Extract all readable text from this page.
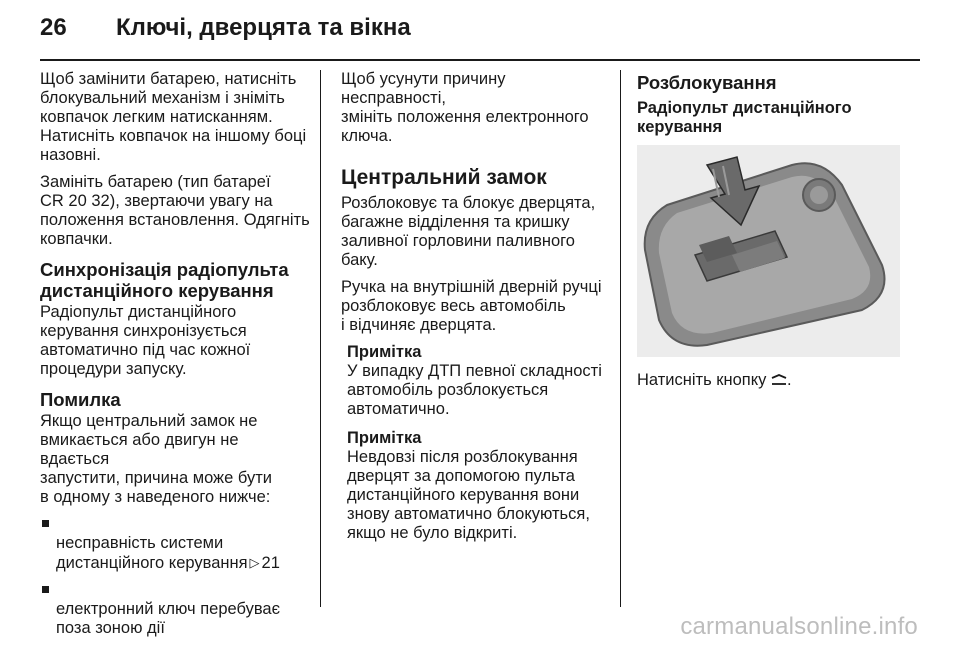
26 Ключі, дверцята та вікна

Щоб замінити батарею, натисніть
блокувальний механізм і зніміть
ковпачок легким натисканням.
Натисніть ковпачок на іншому боці
назовні.

Замініть батарею (тип батареї
CR 20 32), звертаючи увагу на
положення встановлення. Одягніть
ковпачки.

Синхронізація радіопульта
дистанційного керування

Радіопульт дистанційного
керування синхронізується
автоматично під час кожної
процедури запуску.

Помилка

Якщо центральний замок не
вмикається або двигун не вдається
запустити, причина може бути
в одному з наведеного нижче:

несправність системи
дистанційного керування ▷ 21

електронний ключ перебуває
поза зоною дії

Щоб усунути причину несправності,
змініть положення електронного
ключа.

Центральний замок

Розблоковує та блокує дверцята,
багажне відділення та кришку
заливної горловини паливного
баку.

Ручка на внутрішній дверній ручці
розблоковує весь автомобіль
і відчиняє дверцята.

Примітка

У випадку ДТП певної складності
автомобіль розблокується
автоматично.

Примітка

Невдовзі після розблокування
дверцят за допомогою пульта
дистанційного керування вони
знову автоматично блокуються,
якщо не було відкриті.

Розблокування
Радіопульт дистанційного
керування

Натисніть кнопку .

carmanualsonline.info
